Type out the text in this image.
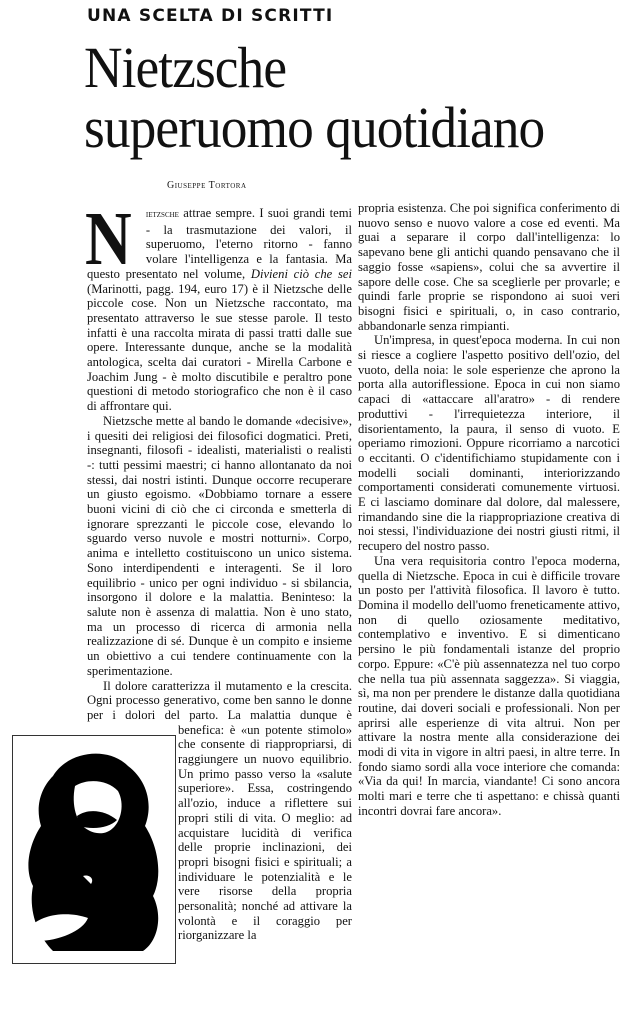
UNA SCELTA DI SCRITTI
Nietzsche
superuomo quotidiano
Giuseppe Tortora

N ietzsche attrae sempre. I suoi grandi temi - la trasmutazione dei valori, il superuomo, l'eterno ritorno - fanno volare l'intelligenza e la fantasia. Ma questo presentato nel volume, Divieni ciò che sei (Marinotti, pagg. 194, euro 17) è il Nietzsche delle piccole cose. Non un Nietzsche raccontato, ma presentato attraverso le sue stesse parole. Il testo infatti è una raccolta mirata di passi tratti dalle sue opere. Interessante dunque, anche se la modalità antologica, scelta dai curatori - Mirella Carbone e Joachim Jung - è molto discutibile e peraltro pone questioni di metodo storiografico che non è il caso di affrontare qui.

Nietzsche mette al bando le domande «decisive», i quesiti dei religiosi dei filosofici dogmatici. Preti, insegnanti, filosofi - idealisti, materialisti o realisti -: tutti pessimi maestri; ci hanno allontanato da noi stessi, dai nostri istinti. Dunque occorre recuperare un giusto egoismo. «Dobbiamo tornare a essere buoni vicini di ciò che ci circonda e smetterla di ignorare sprezzanti le piccole cose, elevando lo sguardo verso nuvole e mostri notturni». Corpo, anima e intelletto costituiscono un unico sistema. Sono interdipendenti e interagenti. Se il loro equilibrio - unico per ogni individuo - si sbilancia, insorgono il dolore e la malattia. Beninteso: la salute non è assenza di malattia. Non è uno stato, ma un processo di ricerca di armonia nella realizzazione di sé. Dunque è un compito e insieme un obiettivo a cui tendere continuamente con la sperimentazione.

Il dolore caratterizza il mutamento e la crescita. Ogni processo generativo, come ben sanno le donne per i dolori del parto. La malattia dunque è benefica: è «un potente stimolo» che consente di riappropriarsi, di raggiungere un nuovo equilibrio. Un primo passo verso la «salute superiore». Essa, costringendo all'ozio, induce a riflettere sui propri stili di vita. O meglio: ad acquistare lucidità di verifica delle proprie inclinazioni, dei propri bisogni fisici e spirituali; a individuare le potenzialità e le vere risorse della propria personalità; nonché ad attivare la volontà e il coraggio per riorganizzare la

propria esistenza. Che poi significa conferimento di nuovo senso e nuovo valore a cose ed eventi. Ma guai a separare il corpo dall'intelligenza: lo sapevano bene gli antichi quando pensavano che il saggio fosse «sapiens», colui che sa avvertire il sapore delle cose. Che sa sceglierle per provarle; e quindi farle proprie se rispondono ai suoi veri bisogni fisici e spirituali, o, in caso contrario, abbandonarle senza rimpianti.

Un'impresa, in quest'epoca moderna. In cui non si riesce a cogliere l'aspetto positivo dell'ozio, del vuoto, della noia: le sole esperienze che aprono la porta alla autoriflessione. Epoca in cui non siamo capaci di «attaccare all'aratro» - di rendere produttivi - l'irrequietezza interiore, il disorientamento, la paura, il senso di vuoto. E operiamo rimozioni. Oppure ricorriamo a narcotici o eccitanti. O c'identifichiamo stupidamente con i modelli sociali dominanti, interiorizzando comportamenti considerati comunemente virtuosi. E ci lasciamo dominare dal dolore, dal malessere, rimandando sine die la riappropriazione creativa di noi stessi, l'individuazione dei nostri giusti ritmi, il recupero del nostro passo.

Una vera requisitoria contro l'epoca moderna, quella di Nietzsche. Epoca in cui è difficile trovare un posto per l'attività filosofica. Il lavoro è tutto. Domina il modello dell'uomo freneticamente attivo, non di quello oziosamente meditativo, contemplativo e inventivo. E si dimenticano persino le più fondamentali istanze del proprio corpo. Eppure: «C'è più assennatezza nel tuo corpo che nella tua più assennata saggezza». Si viaggia, sì, ma non per prendere le distanze dalla quotidiana routine, dai doveri sociali e professionali. Non per aprirsi alle esperienze di vita altrui. Non per attivare la nostra mente alla considerazione dei modi di vita in vigore in altri paesi, in altre terre. In fondo siamo sordi alla voce interiore che comanda: «Via da qui! In marcia, viandante! Ci sono ancora molti mari e terre che ti aspettano: e chissà quanti incontri dovrai fare ancora».
